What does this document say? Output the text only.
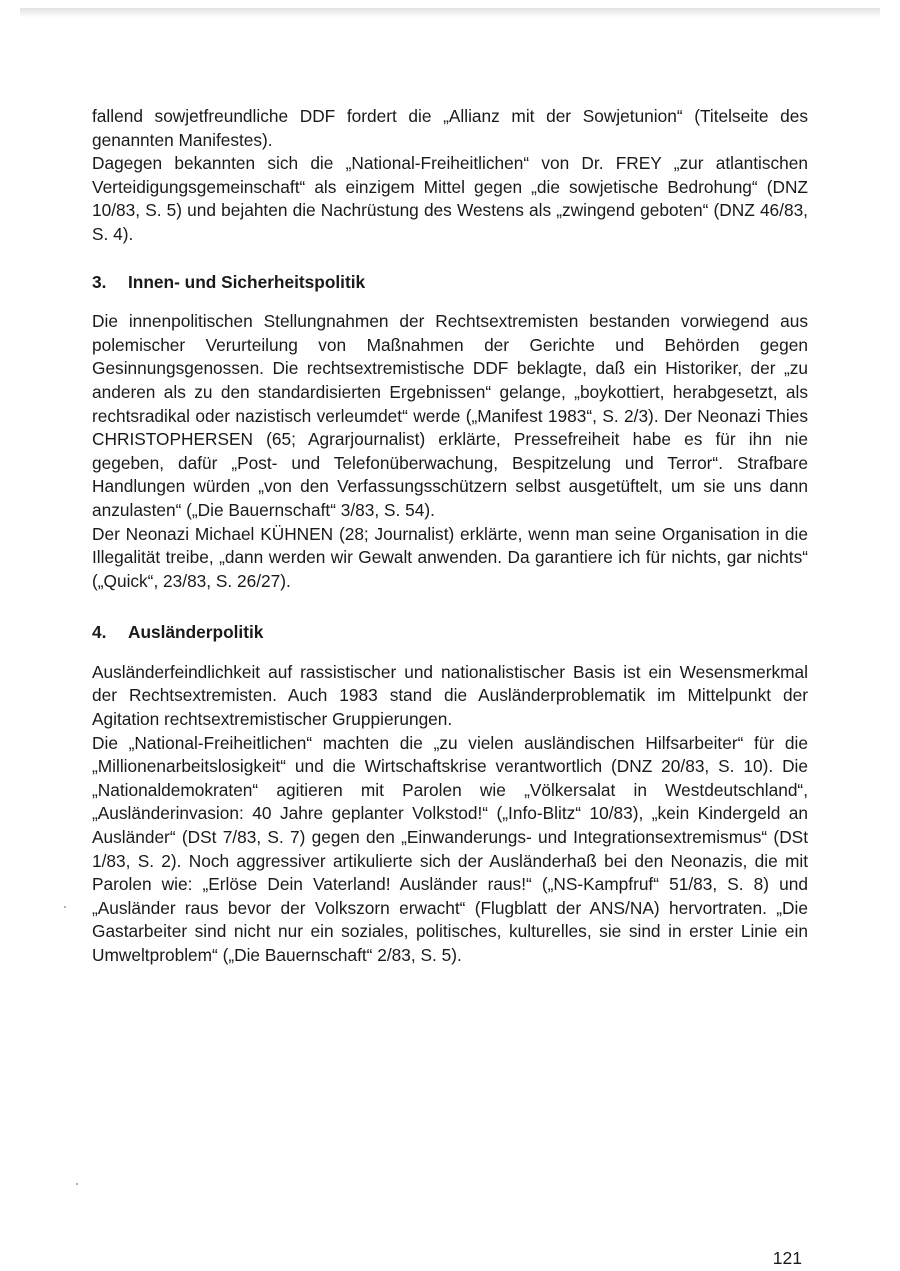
fallend sowjetfreundliche DDF fordert die „Allianz mit der Sowjetunion“ (Titelseite des genannten Manifestes).

Dagegen bekannten sich die „National-Freiheitlichen“ von Dr. FREY „zur atlantischen Verteidigungsgemeinschaft“ als einzigem Mittel gegen „die sowjetische Bedrohung“ (DNZ 10/83, S. 5) und bejahten die Nachrüstung des Westens als „zwingend geboten“ (DNZ 46/83, S. 4).

3.	Innen- und Sicherheitspolitik

Die innenpolitischen Stellungnahmen der Rechtsextremisten bestanden vorwiegend aus polemischer Verurteilung von Maßnahmen der Gerichte und Behörden gegen Gesinnungsgenossen. Die rechtsextremistische DDF beklagte, daß ein Historiker, der „zu anderen als zu den standardisierten Ergebnissen“ gelange, „boykottiert, herabgesetzt, als rechtsradikal oder nazistisch verleumdet“ werde („Manifest 1983“, S. 2/3). Der Neonazi Thies CHRISTOPHERSEN (65; Agrarjournalist) erklärte, Pressefreiheit habe es für ihn nie gegeben, dafür „Post- und Telefonüberwachung, Bespitzelung und Terror“. Strafbare Handlungen würden „von den Verfassungsschützern selbst ausgetüftelt, um sie uns dann anzulasten“ („Die Bauernschaft“ 3/83, S. 54).

Der Neonazi Michael KÜHNEN (28; Journalist) erklärte, wenn man seine Organisation in die Illegalität treibe, „dann werden wir Gewalt anwenden. Da garantiere ich für nichts, gar nichts“ („Quick“, 23/83, S. 26/27).

4.	Ausländerpolitik

Ausländerfeindlichkeit auf rassistischer und nationalistischer Basis ist ein Wesensmerkmal der Rechtsextremisten. Auch 1983 stand die Ausländerproblematik im Mittelpunkt der Agitation rechtsextremistischer Gruppierungen.

Die „National-Freiheitlichen“ machten die „zu vielen ausländischen Hilfsarbeiter“ für die „Millionenarbeitslosigkeit“ und die Wirtschaftskrise verantwortlich (DNZ 20/83, S. 10). Die „Nationaldemokraten“ agitieren mit Parolen wie „Völkersalat in Westdeutschland“, „Ausländerinvasion: 40 Jahre geplanter Volkstod!“ („Info-Blitz“ 10/83), „kein Kindergeld an Ausländer“ (DSt 7/83, S. 7) gegen den „Einwanderungs- und Integrationsextremismus“ (DSt 1/83, S. 2). Noch aggressiver artikulierte sich der Ausländerhaß bei den Neonazis, die mit Parolen wie: „Erlöse Dein Vaterland! Ausländer raus!“ („NS-Kampfruf“ 51/83, S. 8) und „Ausländer raus bevor der Volkszorn erwacht“ (Flugblatt der ANS/NA) hervortraten. „Die Gastarbeiter sind nicht nur ein soziales, politisches, kulturelles, sie sind in erster Linie ein Umweltproblem“ („Die Bauernschaft“ 2/83, S. 5).

121
